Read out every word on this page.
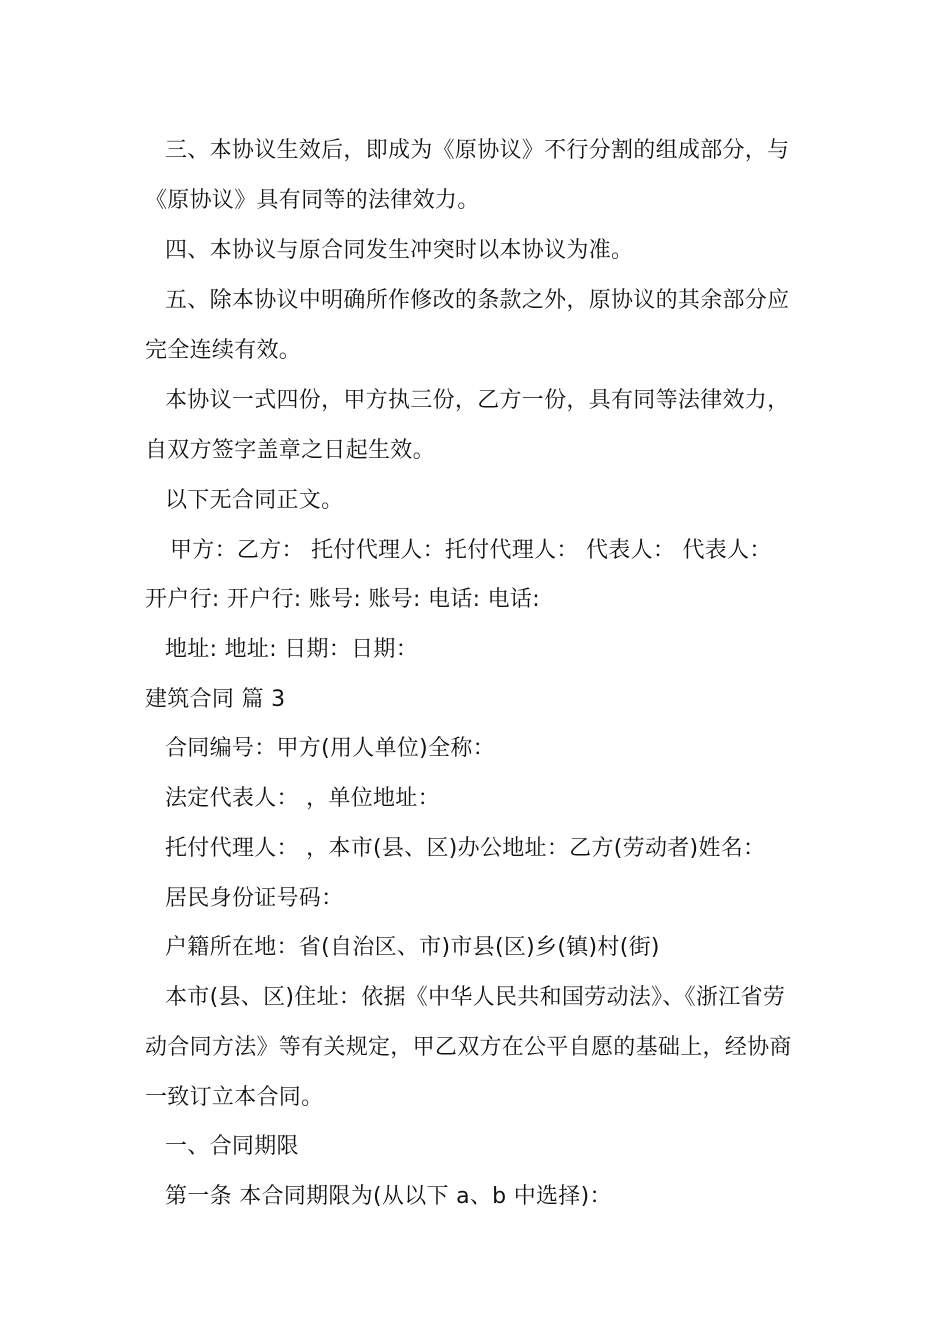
三、本协议生效后，即成为《原协议》不行分割的组成部分，与
《原协议》具有同等的法律效力。
四、本协议与原合同发生冲突时以本协议为准。
五、除本协议中明确所作修改的条款之外，原协议的其余部分应
完全连续有效。
本协议一式四份，甲方执三份，乙方一份，具有同等法律效力，
自双方签字盖章之日起生效。
以下无合同正文。
甲方：乙方： 托付代理人：托付代理人： 代表人： 代表人：
开户行: 开户行: 账号: 账号: 电话: 电话:
地址: 地址: 日期：日期：
建筑合同 篇 3
合同编号：甲方(用人单位)全称：
法定代表人： ，单位地址：
托付代理人： ，本市(县、区)办公地址：乙方(劳动者)姓名：
居民身份证号码：
户籍所在地：省(自治区、市)市县(区)乡(镇)村(街)
本市(县、区)住址：依据《中华人民共和国劳动法》、《浙江省劳
动合同方法》等有关规定，甲乙双方在公平自愿的基础上，经协商
一致订立本合同。
一、合同期限
第一条 本合同期限为(从以下 a、b 中选择)：
